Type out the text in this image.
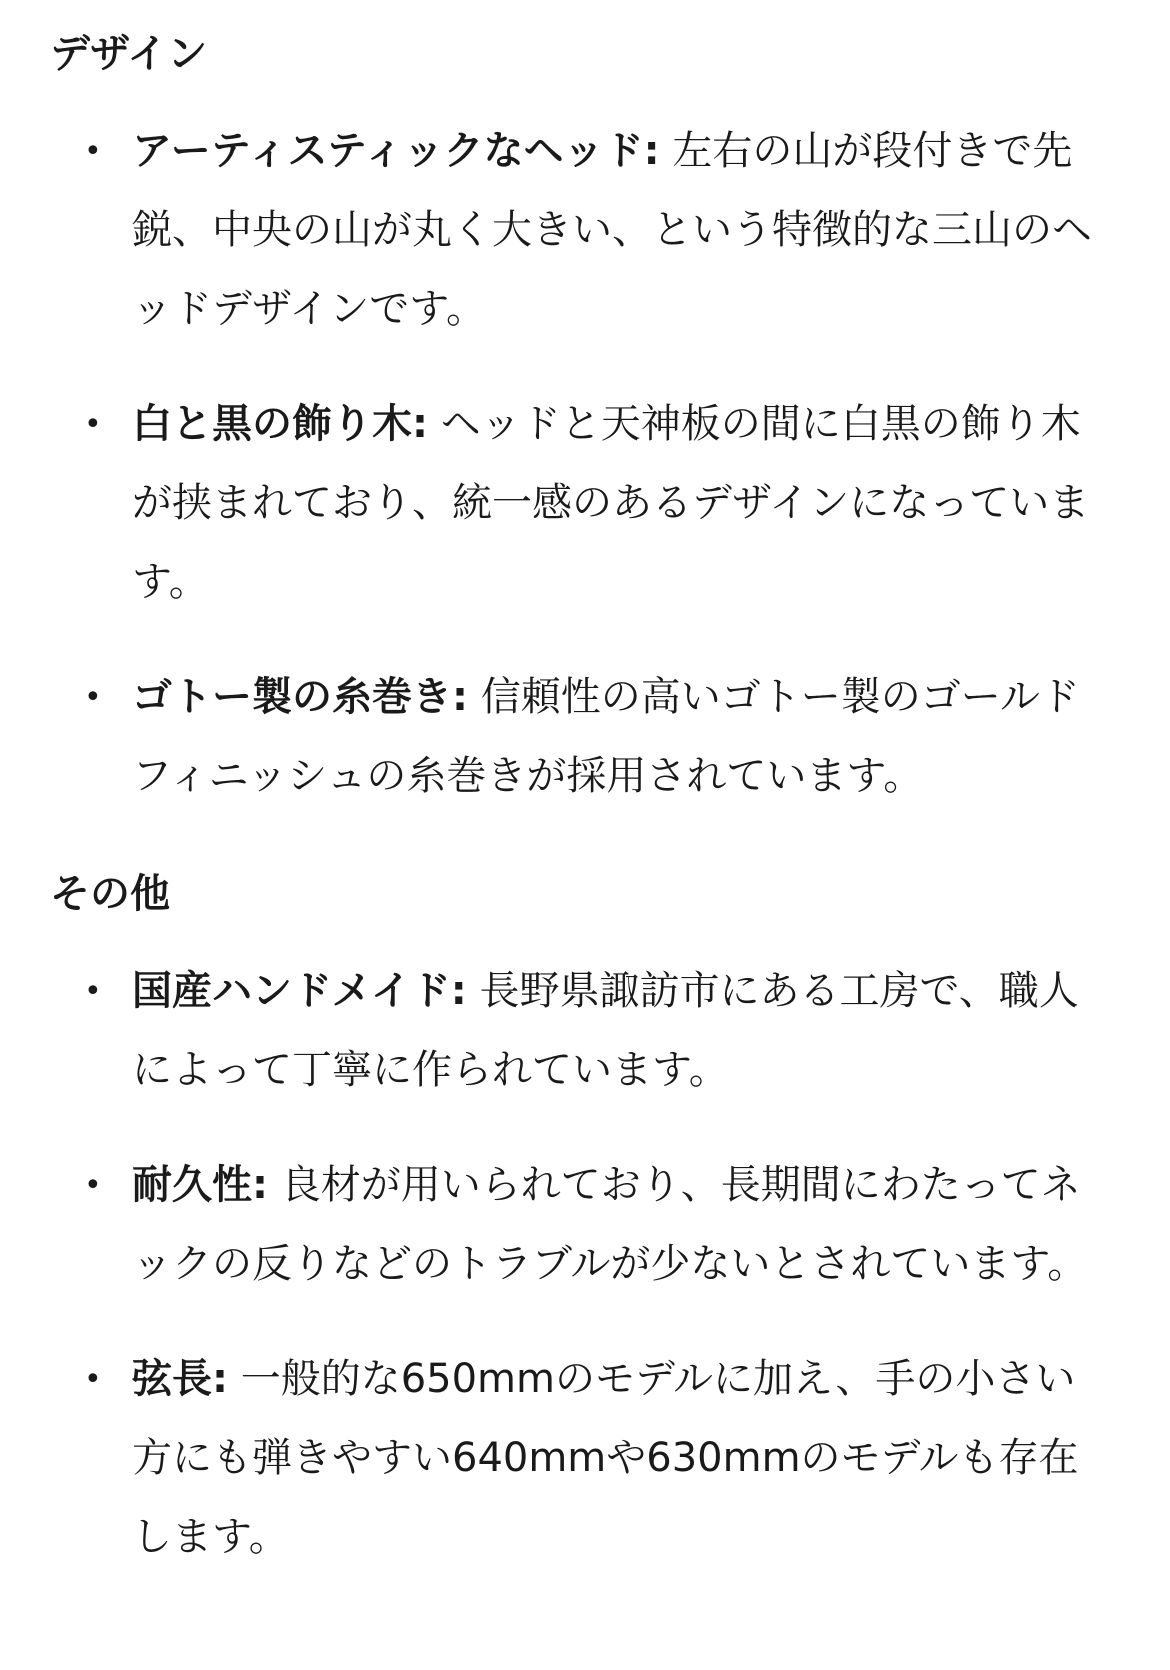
デザイン
• アーティスティックなヘッド: 左右の山が段付きで先鋭、中央の山が丸く大きい、という特徴的な三山のヘッドデザインです。
• 白と黒の飾り木: ヘッドと天神板の間に白黒の飾り木が挟まれており、統一感のあるデザインになっています。
• ゴトー製の糸巻き: 信頼性の高いゴトー製のゴールドフィニッシュの糸巻きが採用されています。
その他
• 国産ハンドメイド: 長野県諏訪市にある工房で、職人によって丁寧に作られています。
• 耐久性: 良材が用いられており、長期間にわたってネックの反りなどのトラブルが少ないとされています。
• 弦長: 一般的な650mmのモデルに加え、手の小さい方にも弾きやすい640mmや630mmのモデルも存在します。
